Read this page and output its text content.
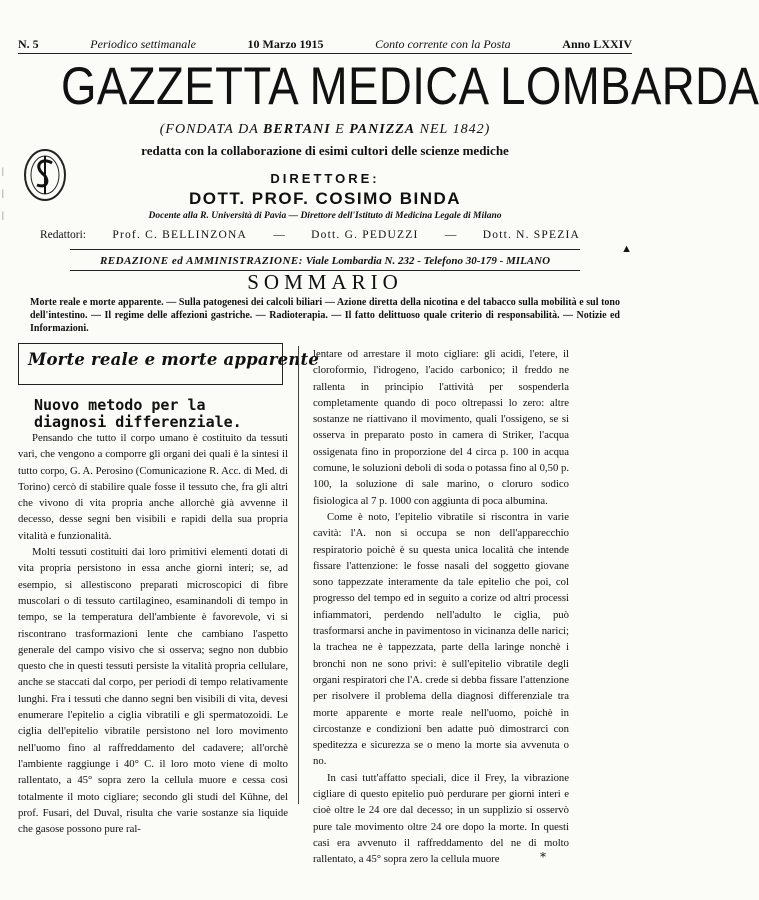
N. 5	Periodico settimanale	10 Marzo 1915	Conto corrente con la Posta	Anno LXXIV
GAZZETTA MEDICA LOMBARDA
(FONDATA DA BERTANI E PANIZZA NEL 1842)
redatta con la collaborazione di esimi cultori delle scienze mediche
|
|
|
DIRETTORE:
DOTT. PROF. COSIMO BINDA
Docente alla R. Università di Pavia — Direttore dell'Istituto di Medicina Legale di Milano
Redattori: Prof. C. BELLINZONA — Dott. G. PEDUZZI — Dott. N. SPEZIA
▲
REDAZIONE ed AMMINISTRAZIONE: Viale Lombardia N. 232 - Telefono 30-179 - MILANO
SOMMARIO
Morte reale e morte apparente. — Sulla patogenesi dei calcoli biliari — Azione diretta della nicotina e del tabacco sulla mobilità e sul tono dell'intestino. — Il regime delle affezioni gastriche. — Radioterapia. — Il fatto delittuoso quale criterio di responsabilità. — Notizie ed Informazioni.
Morte reale e morte apparente
Nuovo metodo per la diagnosi differenziale.

Pensando che tutto il corpo umano è costituito da tessuti vari, che vengono a comporre gli organi dei quali è la sintesi il tutto corpo, G. A. Perosino (Comunicazione R. Acc. di Med. di Torino) cercò di stabilire quale fosse il tessuto che, fra gli altri che vivono di vita propria anche allorchè già avvenne il decesso, desse segni ben visibili e rapidi della sua propria vitalità e funzionalità.

Molti tessuti costituiti dai loro primitivi elementi dotati di vita propria persistono in essa anche giorni interi; se, ad esempio, si allestiscono preparati microscopici di fibre muscolari o di tessuto cartilagineo, esaminandoli di tempo in tempo, se la temperatura dell'ambiente è favorevole, vi si riscontrano trasformazioni lente che cambiano l'aspetto generale del campo visivo che si osserva; segno non dubbio questo che in questi tessuti persiste la vitalità propria cellulare, anche se staccati dal corpo, per periodi di tempo relativamente lunghi. Fra i tessuti che danno segni ben visibili di vita, devesi enumerare l'epitelio a ciglia vibratili e gli spermatozoidi. Le ciglia dell'epitelio vibratile persistono nel loro movimento nell'uomo fino al raffreddamento del cadavere; all'orchè l'ambiente raggiunge i 40° C. il loro moto viene di molto rallentato, a 45° sopra zero la cellula muore e cessa così totalmente il moto cigliare; secondo gli studi del Kühne, del prof. Fusari, del Duval, risulta che varie sostanze sia liquide che gasose possono pure ral-

lentare od arrestare il moto cigliare: gli acidi, l'etere, il cloroformio, l'idrogeno, l'acido carbonico; il freddo ne rallenta in principio l'attività per sospenderla completamente quando di poco oltrepassi lo zero: altre sostanze ne riattivano il movimento, quali l'ossigeno, se si osserva in preparato posto in camera di Striker, l'acqua ossigenata fino in proporzione del 4 circa p. 100 in acqua comune, le soluzioni deboli di soda o potassa fino al 0,50 p. 100, la soluzione di sale marino, o cloruro sodico fisiologica al 7 p. 1000 con aggiunta di poca albumina.

Come è noto, l'epitelio vibratile si riscontra in varie cavità: l'A. non si occupa se non dell'apparecchio respiratorio poichè è su questa unica località che intende fissare l'attenzione: le fosse nasali del soggetto giovane sono tappezzate interamente da tale epitelio che poi, col progresso del tempo ed in seguito a corize od altri processi infiammatori, perdendo nell'adulto le ciglia, può trasformarsi anche in pavimentoso in vicinanza delle narici; la trachea ne è tappezzata, parte della laringe nonchè i bronchi non ne sono privi: è sull'epitelio vibratile degli organi respiratori che l'A. crede si debba fissare l'attenzione per risolvere il problema della diagnosi differenziale tra morte apparente e morte reale nell'uomo, poichè in circostanze e condizioni ben adatte può dimostrarci con speditezza e sicurezza se o meno la morte sia avvenuta o no.

In casi tutt'affatto speciali, dice il Frey, la vibrazione cigliare di questo epitelio può perdurare per giorni interi e cioè oltre le 24 ore dal decesso; in un supplizio si osservò pure tale movimento oltre 24 ore dopo la morte. In questi casi era avvenuto il raffreddamento del ne di molto rallentato, a 45° sopra zero la cellula muore	⁎
